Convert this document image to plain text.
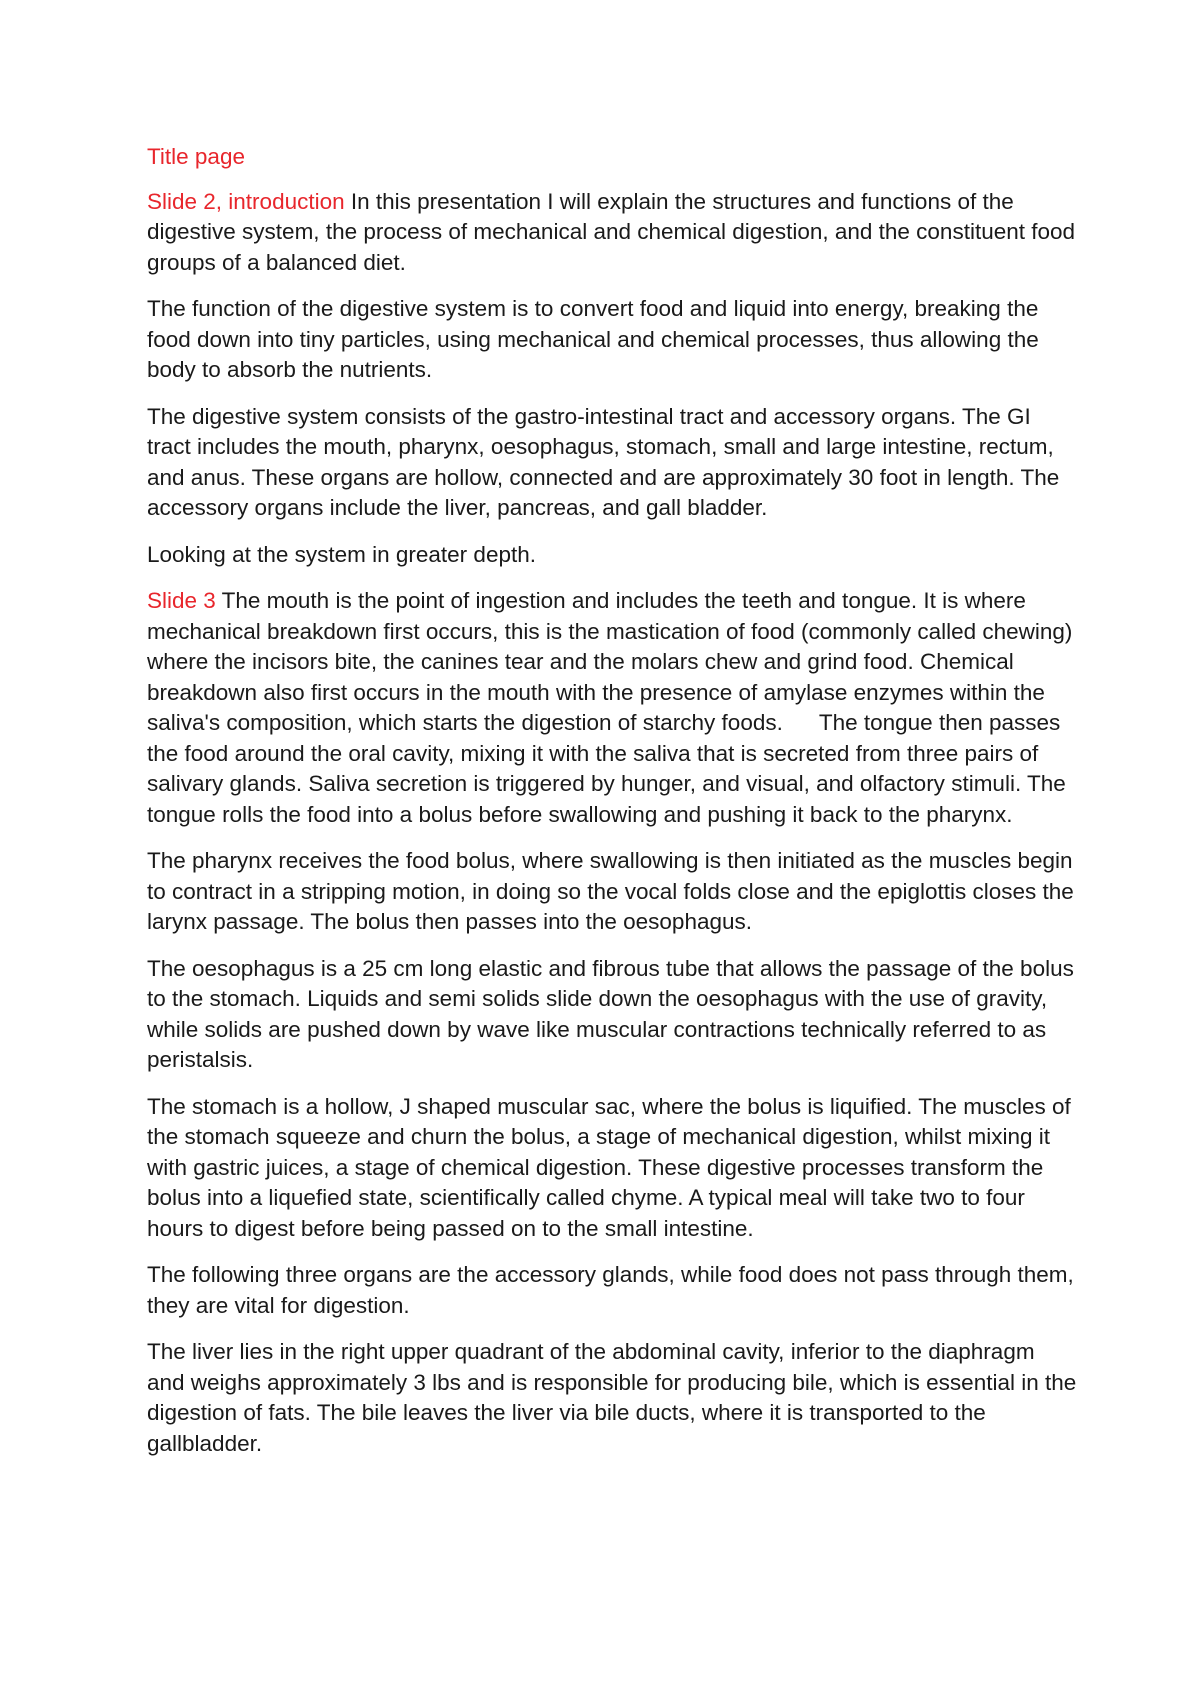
Title page

Slide 2, introduction In this presentation I will explain the structures and functions of the digestive system, the process of mechanical and chemical digestion, and the constituent food groups of a balanced diet.

The function of the digestive system is to convert food and liquid into energy, breaking the food down into tiny particles, using mechanical and chemical processes, thus allowing the body to absorb the nutrients.

The digestive system consists of the gastro-intestinal tract and accessory organs. The GI tract includes the mouth, pharynx, oesophagus, stomach, small and large intestine, rectum, and anus. These organs are hollow, connected and are approximately 30 foot in length. The accessory organs include the liver, pancreas, and gall bladder.

Looking at the system in greater depth.

Slide 3 The mouth is the point of ingestion and includes the teeth and tongue. It is where mechanical breakdown first occurs, this is the mastication of food (commonly called chewing) where the incisors bite, the canines tear and the molars chew and grind food. Chemical breakdown also first occurs in the mouth with the presence of amylase enzymes within the saliva's composition, which starts the digestion of starchy foods. The tongue then passes the food around the oral cavity, mixing it with the saliva that is secreted from three pairs of salivary glands. Saliva secretion is triggered by hunger, and visual, and olfactory stimuli. The tongue rolls the food into a bolus before swallowing and pushing it back to the pharynx.

The pharynx receives the food bolus, where swallowing is then initiated as the muscles begin to contract in a stripping motion, in doing so the vocal folds close and the epiglottis closes the larynx passage. The bolus then passes into the oesophagus.

The oesophagus is a 25 cm long elastic and fibrous tube that allows the passage of the bolus to the stomach. Liquids and semi solids slide down the oesophagus with the use of gravity, while solids are pushed down by wave like muscular contractions technically referred to as peristalsis.

The stomach is a hollow, J shaped muscular sac, where the bolus is liquified. The muscles of the stomach squeeze and churn the bolus, a stage of mechanical digestion, whilst mixing it with gastric juices, a stage of chemical digestion. These digestive processes transform the bolus into a liquefied state, scientifically called chyme. A typical meal will take two to four hours to digest before being passed on to the small intestine.

The following three organs are the accessory glands, while food does not pass through them, they are vital for digestion.

The liver lies in the right upper quadrant of the abdominal cavity, inferior to the diaphragm and weighs approximately 3 lbs and is responsible for producing bile, which is essential in the digestion of fats. The bile leaves the liver via bile ducts, where it is transported to the gallbladder.
